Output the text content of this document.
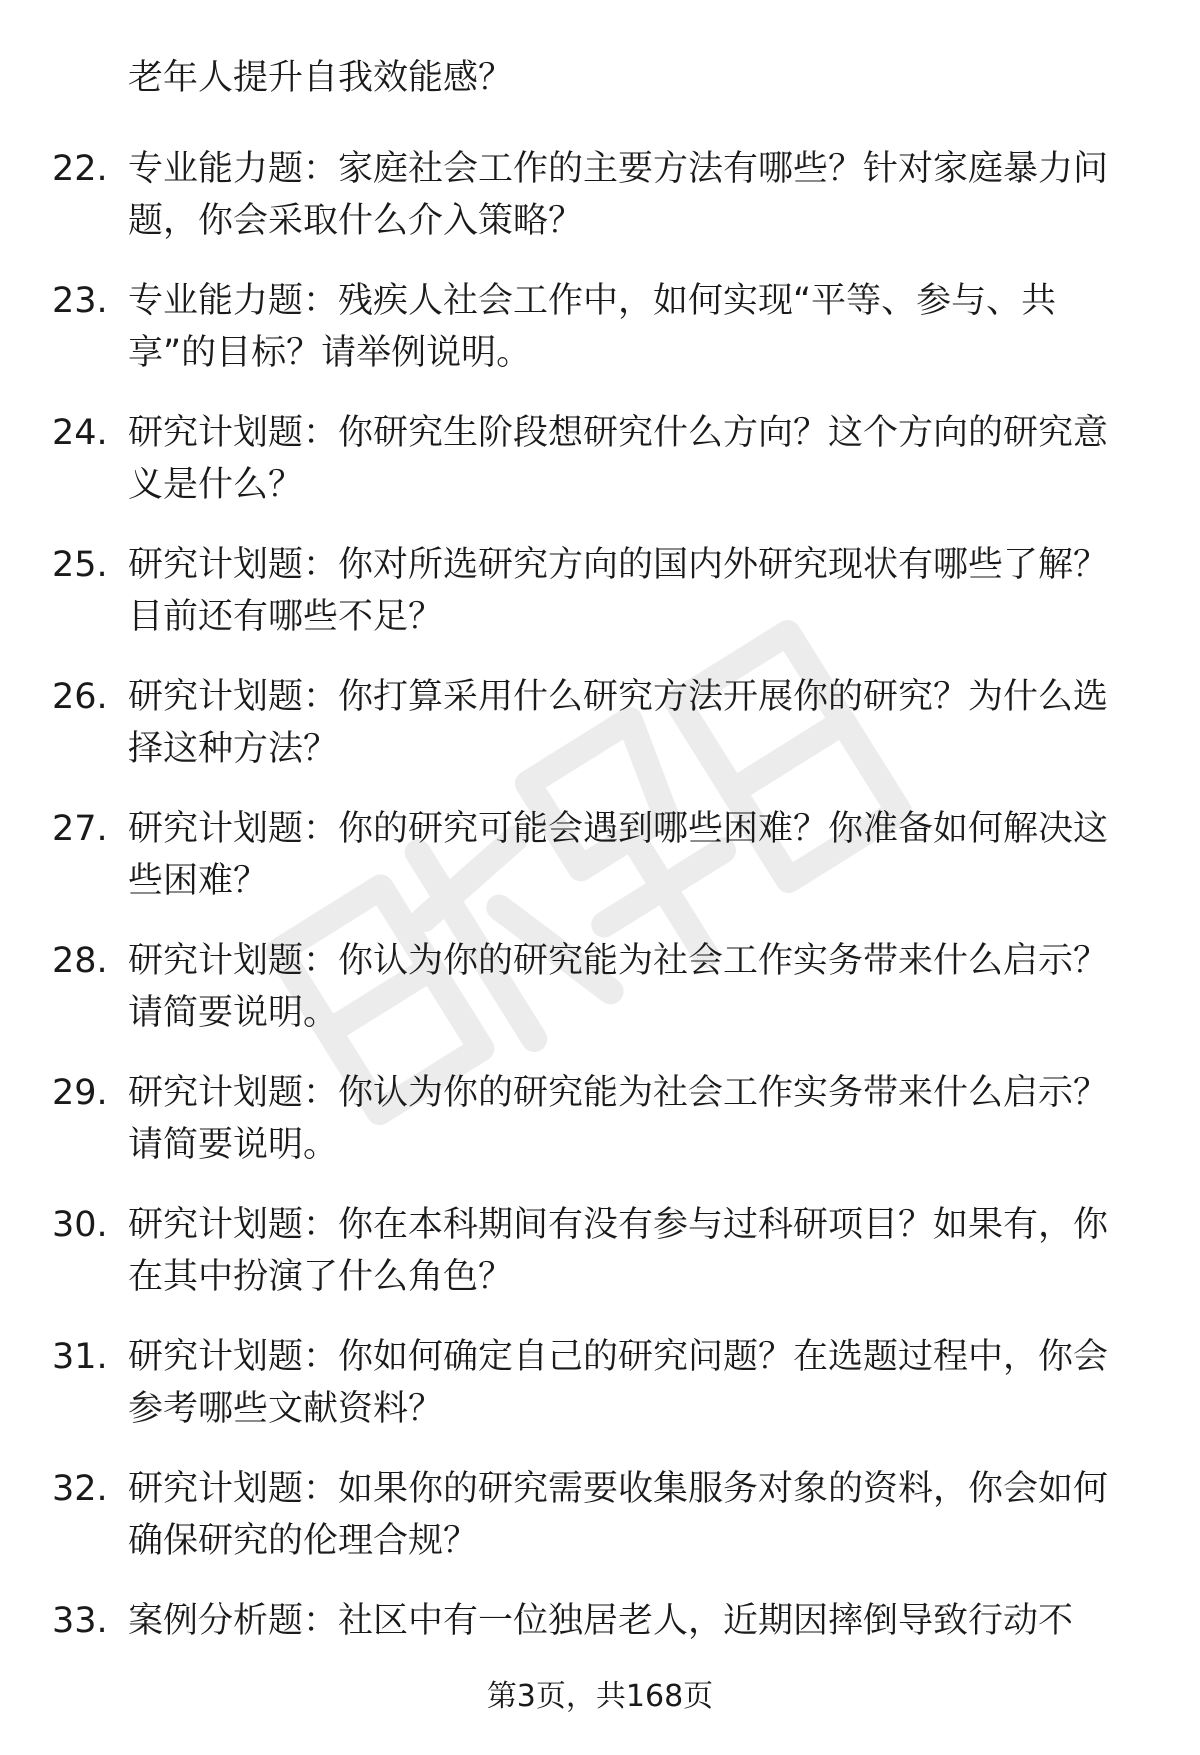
老年人提升自我效能感？
22. 专业能力题：家庭社会工作的主要方法有哪些？针对家庭暴力问
题，你会采取什么介入策略？
23. 专业能力题：残疾人社会工作中，如何实现“平等、参与、共
享”的目标？请举例说明。
24. 研究计划题：你研究生阶段想研究什么方向？这个方向的研究意
义是什么？
25. 研究计划题：你对所选研究方向的国内外研究现状有哪些了解？
目前还有哪些不足？
26. 研究计划题：你打算采用什么研究方法开展你的研究？为什么选
择这种方法？
27. 研究计划题：你的研究可能会遇到哪些困难？你准备如何解决这
些困难？
28. 研究计划题：你认为你的研究能为社会工作实务带来什么启示？
请简要说明。
29. 研究计划题：你认为你的研究能为社会工作实务带来什么启示？
请简要说明。
30. 研究计划题：你在本科期间有没有参与过科研项目？如果有，你
在其中扮演了什么角色？
31. 研究计划题：你如何确定自己的研究问题？在选题过程中，你会
参考哪些文献资料？
32. 研究计划题：如果你的研究需要收集服务对象的资料，你会如何
确保研究的伦理合规？
33. 案例分析题：社区中有一位独居老人，近期因摔倒导致行动不
第3页，共168页
